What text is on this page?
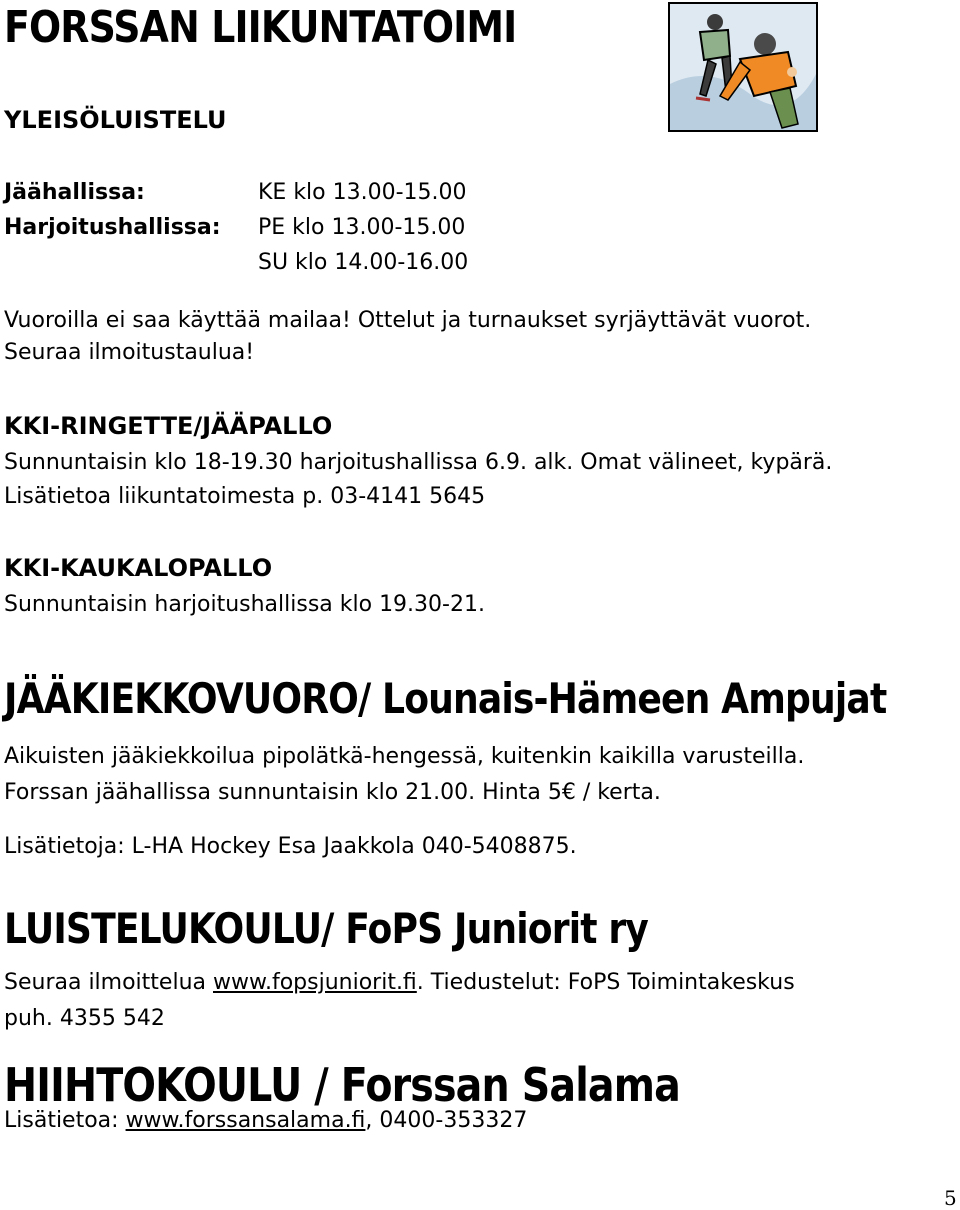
FORSSAN LIIKUNTATOIMI
YLEISÖLUISTELU
Jäähallissa:	KE klo 13.00-15.00
Harjoitushallissa: PE klo 13.00-15.00
SU klo 14.00-16.00
Vuoroilla ei saa käyttää mailaa! Ottelut ja turnaukset syrjäyttävät vuorot.
Seuraa ilmoitustaulua!
KKI-RINGETTE/JÄÄPALLO
Sunnuntaisin klo 18-19.30 harjoitushallissa 6.9. alk. Omat välineet, kypärä.
Lisätietoa liikuntatoimesta p. 03-4141 5645
KKI-KAUKALOPALLO
Sunnuntaisin harjoitushallissa klo 19.30-21.
JÄÄKIEKKOVUORO/ Lounais-Hämeen Ampujat
Aikuisten jääkiekkoilua pipolätkä-hengessä, kuitenkin kaikilla varusteilla.
Forssan jäähallissa sunnuntaisin klo 21.00. Hinta 5€ / kerta.
Lisätietoja: L-HA Hockey Esa Jaakkola 040-5408875.
LUISTELUKOULU/ FoPS Juniorit ry
Seuraa ilmoittelua www.fopsjuniorit.fi. Tiedustelut: FoPS Toimintakeskus
puh. 4355 542
HIIHTOKOULU / Forssan Salama
Lisätietoa: www.forssansalama.fi, 0400-353327
5
